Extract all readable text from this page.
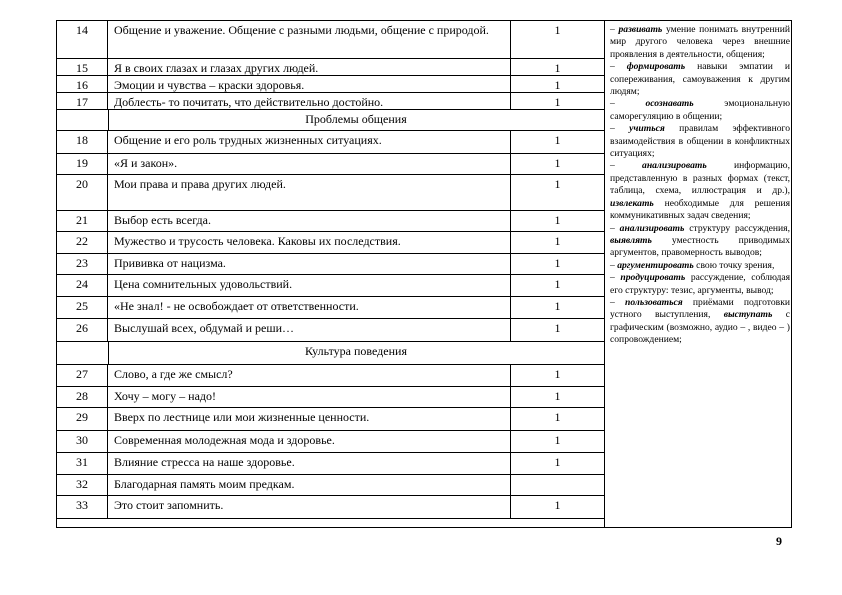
14	Общение и уважение. Общение с разными людьми, общение с природой.	1
15	Я в своих глазах и глазах других людей.	1
16	Эмоции и чувства – краски здоровья.	1
17	Доблесть- то почитать, что действительно достойно.	1
Проблемы общения
18	Общение и его роль трудных жизненных ситуациях.	1
19	«Я и закон».	1
20	Мои права и права других людей.	1
21	Выбор есть всегда.	1
22	Мужество и трусость человека. Каковы их последствия.	1
23	Прививка от нацизма.	1
24	Цена сомнительных удовольствий.	1
25	«Не знал! - не освобождает от ответственности.	1
26	Выслушай всех, обдумай и реши…	1
Культура поведения
27	Слово, а где же смысл?	1
28	Хочу – могу – надо!	1
29	Вверх по лестнице или мои жизненные ценности.	1
30	Современная молодежная мода и здоровье.	1
31	Влияние стресса на наше здоровье.	1
32	Благодарная память моим предкам.
33	Это стоит запомнить.	1

– развивать умение понимать внутренний мир другого человека через внешние проявления в деятельности, общения;

– формировать навыки эмпатии и сопереживания, самоуважения к другим людям;

– осознавать эмоциональную саморегуляцию в общении;

– учиться правилам эффективного взаимодействия в общении в конфликтных ситуациях;

– анализировать информацию, представленную в разных формах (текст, таблица, схема, иллюстрация и др.), извлекать необходимые для решения коммуникативных задач сведения;

– анализировать структуру рассуждения, выявлять уместность приводимых аргументов, правомерность выводов;

– аргументировать свою точку зрения,

– продуцировать рассуждение, соблюдая его структуру: тезис, аргументы, вывод;

– пользоваться приёмами подготовки устного выступления, выступать с графическим (возможно, аудио – , видео – ) сопровождением;

9
